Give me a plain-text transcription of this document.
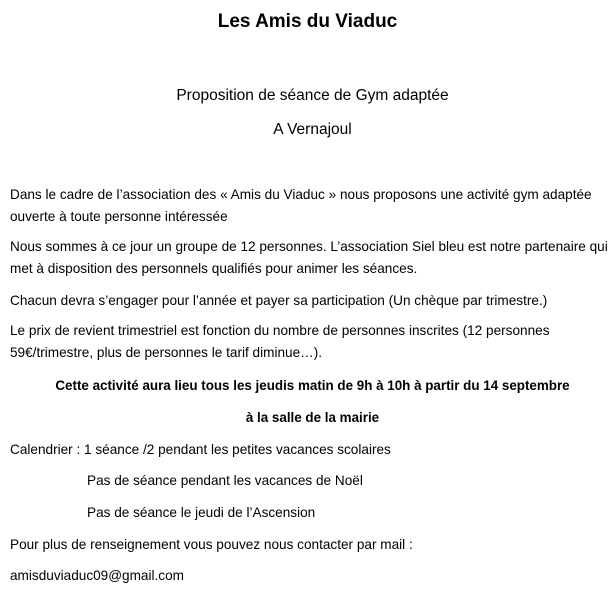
Les Amis du Viaduc
Proposition de séance de Gym adaptée
A Vernajoul

Dans le cadre de l’association des « Amis du Viaduc » nous proposons une activité gym adaptée ouverte à toute personne intéressée

Nous sommes à ce jour un groupe de 12 personnes. L’association Siel bleu est notre partenaire qui met à disposition des personnels qualifiés pour animer les séances.

Chacun devra s’engager pour l’année et payer sa participation (Un chèque par trimestre.)

Le prix de revient trimestriel est fonction du nombre de personnes inscrites (12 personnes 59€/trimestre, plus de personnes le tarif diminue…).

Cette activité aura lieu tous les jeudis matin de 9h à 10h à partir du 14 septembre
à la salle de la mairie
Calendrier : 1 séance /2 pendant les petites vacances scolaires
Pas de séance pendant les vacances de Noël
Pas de séance le jeudi de l’Ascension
Pour plus de renseignement vous pouvez nous contacter par mail :
amisduviaduc09@gmail.com
